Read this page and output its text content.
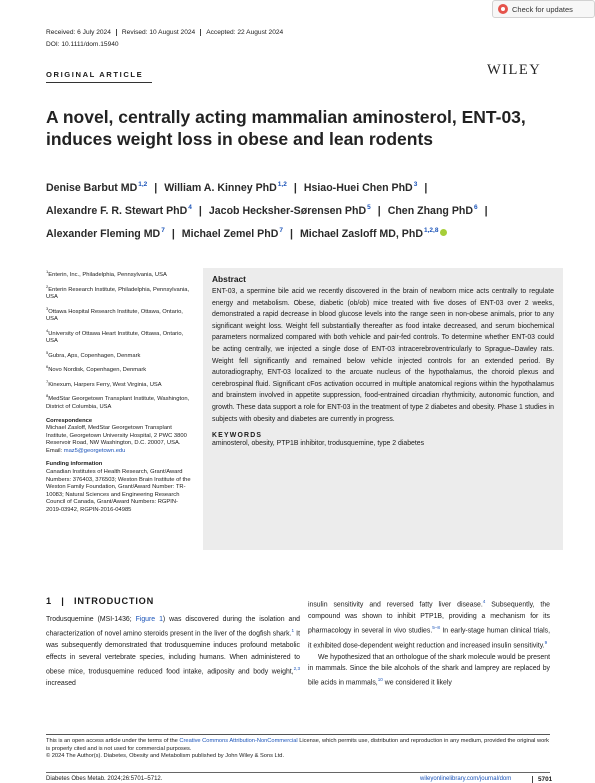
Check for updates
Received: 6 July 2024	Revised: 10 August 2024	Accepted: 22 August 2024
DOI: 10.1111/dom.15940
ORIGINAL ARTICLE	WILEY
A novel, centrally acting mammalian aminosterol, ENT-03, induces weight loss in obese and lean rodents
Denise Barbut MD$^{1,2}$ | William A. Kinney PhD$^{1,2}$ | Hsiao-Huei Chen PhD$^3$ |
Alexandre F. R. Stewart PhD$^4$ | Jacob Hecksher-Sørensen PhD$^5$ | Chen Zhang PhD$^6$ |
Alexander Fleming $MD^7$ | Michael Zemel PhD$^7$ | Michael Zasloff MD, PhD$^{1,2,8}$
$^1$Enterin, Inc., Philadelphia, Pennsylvania, USA
$^2$Enterin Research Institute, Philadelphia, Pennsylvania, USA
$^3$Ottawa Hospital Research Institute, Ottawa, Ontario, USA
$^4$University of Ottawa Heart Institute, Ottawa, Ontario, USA
$^5$Gubra, Aps, Copenhagen, Denmark
$^6$Novo Nordisk, Copenhagen, Denmark
$^7$Kinexum, Harpers Ferry, West Virginia, USA
$^8$MedStar Georgetown Transplant Institute, Washington, District of Columbia, USA
Correspondence
Michael Zasloff, MedStar Georgetown Transplant Institute, Georgetown University Hospital, 2 PWC 3800 Reservoir Road, NW Washington, D.C. 20007, USA.
Email: maz5@georgetown.edu
Funding information
Canadian Institutes of Health Research, Grant/Award Numbers: 376403, 376503; Weston Brain Institute of the Weston Family Foundation, Grant/Award Number: TR-10083; Natural Sciences and Engineering Research Council of Canada, Grant/Award Numbers: RGPIN-2019-03942, RGPIN-2016-04985
Abstract
ENT-03, a spermine bile acid we recently discovered in the brain of newborn mice acts centrally to regulate energy and metabolism. Obese, diabetic (ob/ob) mice treated with five doses of ENT-03 over 2 weeks, demonstrated a rapid decrease in blood glucose levels into the range seen in non-obese animals, prior to any significant weight loss. Weight fell substantially thereafter as food intake decreased, and serum biochemical parameters normalized compared with both vehicle and pair-fed controls. To determine whether ENT-03 could be acting centrally, we injected a single dose of ENT-03 intracerebroventricularly to Sprague–Dawley rats. Weight fell significantly and remained below vehicle injected controls for an extended period. By autoradiography, ENT-03 localized to the arcuate nucleus of the hypothalamus, the choroid plexus and cerebrospinal fluid. Significant cFos activation occurred in multiple anatomical regions within the hypothalamus and brainstem involved in appetite suppression, food-entrained circadian rhythmicity, autonomic function, and growth. These data support a role for ENT-03 in the treatment of type 2 diabetes and obesity. Phase 1 studies in subjects with obesity and diabetes are currently in progress.
KEYWORDS
aminosterol, obesity, PTP1B inhibitor, trodusquemine, type 2 diabetes
1 | INTRODUCTION
Trodusquemine (MSI-1436; Figure 1) was discovered during the isolation and characterization of novel amino steroids present in the liver of the dogfish shark.$^1$ It was subsequently demonstrated that trodusquemine induces profound metabolic effects in several vertebrate species, including humans. When administered to obese mice, trodusquemine reduced food intake, adiposity and body weight,$^{2,3}$ increased
insulin sensitivity and reversed fatty liver disease.$^4$ Subsequently, the compound was shown to inhibit PTP1B, providing a mechanism for its pharmacology in several in vivo studies.$^{5-8}$ In early-stage human clinical trials, it exhibited dose-dependent weight reduction and increased insulin sensitivity.$^9$
We hypothesized that an orthologue of the shark molecule would be present in mammals. Since the bile alcohols of the shark and lamprey are replaced by bile acids in mammals,$^{10}$ we considered it likely
This is an open access article under the terms of the Creative Commons Attribution-NonCommercial License, which permits use, distribution and reproduction in any medium, provided the original work is properly cited and is not used for commercial purposes.
© 2024 The Author(s). Diabetes, Obesity and Metabolism published by John Wiley & Sons Ltd.
Diabetes Obes Metab. 2024;26:5701–5712.	wileyonlinelibrary.com/journal/dom	5701
